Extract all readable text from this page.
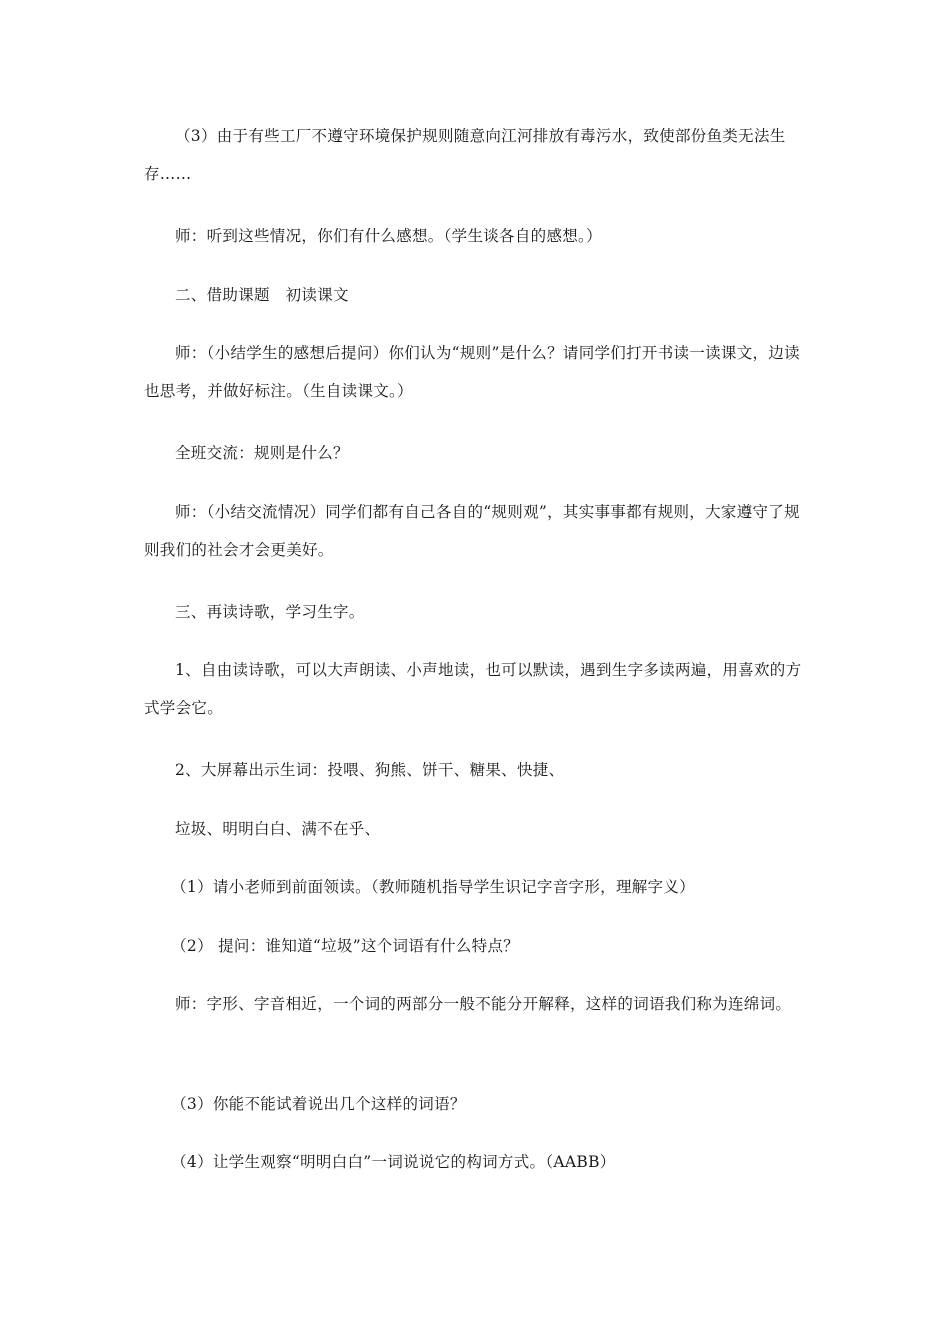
（3）由于有些工厂不遵守环境保护规则随意向江河排放有毒污水，致使部份鱼类无法生存……

师：听到这些情况，你们有什么感想。（学生谈各自的感想。）

二、借助课题　初读课文

师：（小结学生的感想后提问）你们认为“规则”是什么？请同学们打开书读一读课文，边读也思考，并做好标注。（生自读课文。）

全班交流：规则是什么？

师：（小结交流情况）同学们都有自己各自的“规则观”，其实事事都有规则，大家遵守了规则我们的社会才会更美好。

三、再读诗歌，学习生字。

1、自由读诗歌，可以大声朗读、小声地读，也可以默读，遇到生字多读两遍，用喜欢的方式学会它。

2、大屏幕出示生词：投喂、狗熊、饼干、糖果、快捷、

垃圾、明明白白、满不在乎、

（1）请小老师到前面领读。（教师随机指导学生识记字音字形，理解字义）

（2） 提问：谁知道“垃圾”这个词语有什么特点？

师：字形、字音相近，一个词的两部分一般不能分开解释，这样的词语我们称为连绵词。

（3）你能不能试着说出几个这样的词语？

（4）让学生观察“明明白白”一词说说它的构词方式。（AABB）
